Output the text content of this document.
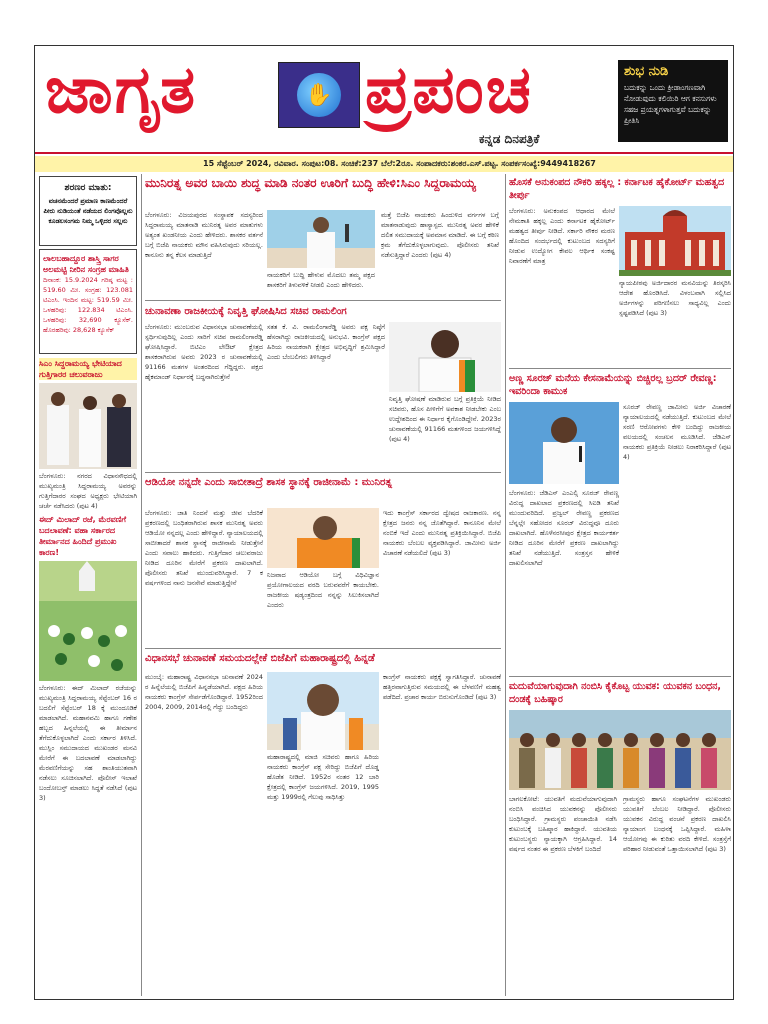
ಜಾಗೃತ	✋ ಪ್ರಪಂಚ
ಕನ್ನಡ ದಿನಪತ್ರಿಕೆ
ಶುಭ ನುಡಿ
ಬದುಕನ್ನು ಒಂದು ಕ್ರೀಡಾಂಗಣವಾಗಿ ನೋಡುವುದು ಕಲಿಯಿರಿ ಆಗ ಕನಸುಗಳು ಸಹಜ ಪ್ರಯತ್ನಗಳಾಗುತ್ತವೆ ಬದುಕನ್ನು ಪ್ರೀತಿಸಿ
15 ಸೆಪ್ಟೆಂಬರ್ 2024, ರವಿವಾರ. ಸಂಪುಟ:08. ಸಂಚಿಕೆ:237 ಬೆಲೆ:2ರೂ. ಸಂಪಾದಕರು:ಶಂಕರ.ಎಸ್.ಪಟ್ಟ. ಸಂಪರ್ಕಸಂಖ್ಯೆ:9449418267
ಶರಣರ ಮಾತು:
ವಚನಮೆಂದರೆ ಪ್ರಮಾಣ ಕಾಣಮೆಂದರೆ ಪೀರು ನುಡಿಯಂತೆ ನಡೆಯದ ಲಿಂಗವೊಲ್ಲನು ಕೂಡಲಸಂಗಮ ನಿಮ್ಮ ಒಳ್ಳಿದರ ಸಲ್ಲನು
ಲಾಲಬಹಾದ್ದೂರ ಶಾಸ್ತ್ರಿ ಸಾಗರ ಅಲಮಟ್ಟಿ ನೀರಿನ ಸಂಗ್ರಹ ಮಾಹಿತಿ
ದಿನಾಂಕ: 15.9.2024 ಗರಿಷ್ಠ ಮಟ್ಟ : 519.60 ಮೀ. ಸಂಗ್ರಹ: 123.081 ಟಿಎಂಸಿ. ಇಂದಿನ ಮಟ್ಟ: 519.59 ಮೀ. ಒಳಹರಿವು: 122.834 ಟಿಎಂಸಿ. ಒಳಹರಿವು: 32,690 ಕ್ಯೂಸೆಕ್. ಹೊರಹರಿವು: 28,628 ಕ್ಯೂಸೆಕ್
ಸಿಎಂ ಸಿದ್ದರಾಮಯ್ಯ ಭೇಟಿಯಾದ ಗುತ್ತಿಗಾರರ ಚಲುವರಾಜು
ಬೆಂಗಳೂರು: ನಗರದ ವಿಧಾನಸೌಧದಲ್ಲಿ ಮುಖ್ಯಮಂತ್ರಿ ಸಿದ್ದರಾಮಯ್ಯ ಅವರನ್ನು ಗುತ್ತಿಗೆದಾರರ ಸಂಘದ ಅಧ್ಯಕ್ಷರು ಭೇಟಿಯಾಗಿ ಚರ್ಚೆ ನಡೆಸಿದರು (ಪುಟ 4)
ಈದ್ ಮಿಲಾದ್ ರಜೆ, ಮೆರವಣಿಗೆ ಬದಲಾವಣೆ: ವಹಾ ಸರ್ಕಾರದ ತೀರ್ಮಾನದ ಹಿಂದಿದೆ ಪ್ರಮುಖ ಕಾರಣ!
ಬೆಂಗಳೂರು: ಈದ್ ಮಿಲಾದ್ ರಜೆಯನ್ನು ಮುಖ್ಯಮಂತ್ರಿ ಸಿದ್ದರಾಮಯ್ಯ ಸೆಪ್ಟೆಂಬರ್ 16 ರ ಬದಲಿಗೆ ಸೆಪ್ಟೆಂಬರ್ 18 ಕ್ಕೆ ಮುಂದೂಡಿಕೆ ಮಾಡಲಾಗಿದೆ. ಮಹಾನವಮಿ ಹಾಗೂ ಗಣೇಶ ಹಬ್ಬದ ಹಿನ್ನಲೆಯಲ್ಲಿ ಈ ತೀರ್ಮಾನ ತೆಗೆದುಕೊಳ್ಳಲಾಗಿದೆ ಎಂದು ಸರ್ಕಾರ ತಿಳಿಸಿದೆ. ಮುಸ್ಲಿಂ ಸಮುದಾಯದ ಮುಖಂಡರ ಮನವಿ ಮೇರೆಗೆ ಈ ಬದಲಾವಣೆ ಮಾಡಲಾಗಿದ್ದು ಮೆರವಣಿಗೆಯನ್ನು ಸಹ ಶಾಂತಿಯುತವಾಗಿ ನಡೆಸಲು ಸೂಚಿಸಲಾಗಿದೆ. ಪೊಲೀಸ್ ಇಲಾಖೆ ಬಂದೋಬಸ್ತ್ ಮಾಡಲು ಸಿದ್ಧತೆ ನಡೆಸಿದೆ (ಪುಟ 3)
ಮುನಿರತ್ನ ಅವರ ಬಾಯಿ ಶುದ್ಧ ಮಾಡಿ ನಂತರ ಊರಿಗೆ ಬುದ್ಧಿ ಹೇಳಿ:ಸಿಎಂ ಸಿದ್ದರಾಮಯ್ಯ
ಬೆಂಗಳೂರು: ವಿಜಯಪುರದ ಸಂಸ್ಥಾಪಕ ಸದಸ್ಯರಿಂದ ಸಿದ್ದರಾಮಯ್ಯ ಮಾತನಾಡಿ ಮುನಿರತ್ನ ಅವರ ಮಾತುಗಳು ಅತ್ಯಂತ ಖಂಡನೀಯ ಎಂದು ಹೇಳಿದರು. ಶಾಸಕರ ವರ್ತನೆ ಬಗ್ಗೆ ಬಿಜೆಪಿ ನಾಯಕರು ಮೌನ ವಹಿಸಿರುವುದು ಸರಿಯಲ್ಲ. ಕಾನೂನು ತನ್ನ ಕೆಲಸ ಮಾಡುತ್ತಿದೆ
ನಾಯಕರಿಗೆ ಬುದ್ಧಿ ಹೇಳುವ ಮೊದಲು ತಮ್ಮ ಪಕ್ಷದ ಶಾಸಕರಿಗೆ ತಿಳುವಳಿಕೆ ನೀಡಲಿ ಎಂದು ಹೇಳಿದರು.
ಮತ್ತೆ ಬಿಜೆಪಿ ನಾಯಕರು ಹಿಂದುಳಿದ ವರ್ಗಗಳ ಬಗ್ಗೆ ಮಾತನಾಡುವುದು ಹಾಸ್ಯಾಸ್ಪದ. ಮುನಿರತ್ನ ಅವರ ಹೇಳಿಕೆ ದಲಿತ ಸಮುದಾಯಕ್ಕೆ ಅವಮಾನ ಮಾಡಿದೆ. ಈ ಬಗ್ಗೆ ಕಠಿಣ ಕ್ರಮ ತೆಗೆದುಕೊಳ್ಳಲಾಗುವುದು. ಪೊಲೀಸರು ತನಿಖೆ ನಡೆಸುತ್ತಿದ್ದಾರೆ ಎಂದರು (ಪುಟ 4)
ಚುನಾವಣಾ ರಾಜಕೀಯಕ್ಕೆ ನಿವೃತ್ತಿ ಘೋಷಿಸಿದ ಸಚಿವ ರಾಮಲಿಂಗ
ಬೆಂಗಳೂರು: ಮುಂಬರುವ ವಿಧಾನಸಭಾ ಚುನಾವಣೆಯಲ್ಲಿ ಸ್ಪರ್ಧಿಸುವುದಿಲ್ಲ ಎಂದು ಸಾರಿಗೆ ಸಚಿವ ರಾಮಲಿಂಗಾರೆಡ್ಡಿ ಘೋಷಿಸಿದ್ದಾರೆ. ಬಿಟಿಎಂ ಲೇಔಟ್ ಕ್ಷೇತ್ರದ ಶಾಸಕರಾಗಿರುವ ಅವರು 2023 ರ ಚುನಾವಣೆಯಲ್ಲಿ 91166 ಮತಗಳ ಅಂತರದಿಂದ ಗೆದ್ದಿದ್ದರು. ಪಕ್ಷದ ಹೈಕಮಾಂಡ್ ನಿರ್ಧಾರಕ್ಕೆ ಬದ್ಧನಾಗಿರುತ್ತೇನೆ
ಸತತ ಕೆ. ವಿ. ರಾಮಲಿಂಗಾರೆಡ್ಡಿ ಅವರು ಪಕ್ಷ ನಿಷ್ಠೆಗೆ ಹೆಸರಾಗಿದ್ದು ರಾಜಕೀಯದಲ್ಲಿ ಅನುಭವಿ. ಕಾಂಗ್ರೆಸ್ ಪಕ್ಷದ ಹಿರಿಯ ನಾಯಕರಾಗಿ ಕ್ಷೇತ್ರದ ಅಭಿವೃದ್ಧಿಗೆ ಶ್ರಮಿಸಿದ್ದಾರೆ ಎಂದು ಬೆಂಬಲಿಗರು ತಿಳಿಸಿದ್ದಾರೆ
ನಿವೃತ್ತಿ ಘೋಷಣೆ ಮಾಡಿರುವ ಬಗ್ಗೆ ಪ್ರತಿಕ್ರಿಯೆ ನೀಡಿದ ಸಚಿವರು, ಹೊಸ ಪೀಳಿಗೆಗೆ ಅವಕಾಶ ನೀಡಬೇಕು ಎಂಬ ಉದ್ದೇಶದಿಂದ ಈ ನಿರ್ಧಾರ ಕೈಗೊಂಡಿದ್ದೇನೆ. 2023ರ ಚುನಾವಣೆಯಲ್ಲಿ 91166 ಮತಗಳಿಂದ ಜಯಗಳಿಸಿದ್ದೆ (ಪುಟ 4)
ಆಡಿಯೋ ನನ್ನದೇ ಎಂದು ಸಾಬೀತಾದ್ರೆ ಶಾಸಕ ಸ್ಥಾನಕ್ಕೆ ರಾಜೀನಾಮೆ : ಮುನಿರತ್ನ
ಬೆಂಗಳೂರು: ಜಾತಿ ನಿಂದನೆ ಮತ್ತು ಜೀವ ಬೆದರಿಕೆ ಪ್ರಕರಣದಲ್ಲಿ ಬಂಧಿತರಾಗಿರುವ ಶಾಸಕ ಮುನಿರತ್ನ ಅವರು ಆಡಿಯೋ ನನ್ನದಲ್ಲ ಎಂದು ಹೇಳಿದ್ದಾರೆ. ನ್ಯಾಯಾಲಯದಲ್ಲಿ ಸಾಬೀತಾದರೆ ಶಾಸಕ ಸ್ಥಾನಕ್ಕೆ ರಾಜೀನಾಮೆ ನೀಡುತ್ತೇನೆ ಎಂದು ಸವಾಲು ಹಾಕಿದರು. ಗುತ್ತಿಗೆದಾರ ಚಲುವರಾಜು ನೀಡಿದ ದೂರಿನ ಮೇರೆಗೆ ಪ್ರಕರಣ ದಾಖಲಾಗಿದೆ. ಪೊಲೀಸರು ತನಿಖೆ ಮುಂದುವರಿಸಿದ್ದಾರೆ. 7 ಕ ವರ್ಷಗಳಿಂದ ನಾನು ಜನಸೇವೆ ಮಾಡುತ್ತಿದ್ದೇನೆ
ನಿಜವಾದ ಆಡಿಯೋ ಬಗ್ಗೆ ವಿಧಿವಿಜ್ಞಾನ ಪ್ರಯೋಗಾಲಯದ ವರದಿ ಬರುವವರೆಗೆ ಕಾಯಬೇಕು. ರಾಜಕೀಯ ಷಡ್ಯಂತ್ರದಿಂದ ನನ್ನನ್ನು ಸಿಲುಕಿಸಲಾಗಿದೆ ಎಂದರು
ಇದು ಕಾಂಗ್ರೆಸ್ ಸರ್ಕಾರದ ದ್ವೇಷದ ರಾಜಕಾರಣ. ನನ್ನ ಕ್ಷೇತ್ರದ ಜನರು ನನ್ನ ಜೊತೆಗಿದ್ದಾರೆ. ಕಾನೂನಿನ ಮೇಲೆ ನಂಬಿಕೆ ಇದೆ ಎಂದು ಮುನಿರತ್ನ ಪ್ರತಿಕ್ರಿಯಿಸಿದ್ದಾರೆ. ಬಿಜೆಪಿ ನಾಯಕರು ಬೆಂಬಲ ವ್ಯಕ್ತಪಡಿಸಿದ್ದಾರೆ. ಜಾಮೀನು ಅರ್ಜಿ ವಿಚಾರಣೆ ನಡೆಯಲಿದೆ (ಪುಟ 3)
ವಿಧಾನಸಭೆ ಚುನಾವಣೆ ಸಮಯದಲ್ಲೇಕೆ ಬಿಜೆಪಿಗೆ ಮಹಾರಾಷ್ಟ್ರದಲ್ಲಿ ಹಿನ್ನಡೆ
ಮುಂಬೈ: ಮಹಾರಾಷ್ಟ್ರ ವಿಧಾನಸಭಾ ಚುನಾವಣೆ 2024 ರ ಹಿನ್ನೆಲೆಯಲ್ಲಿ ಬಿಜೆಪಿಗೆ ಹಿನ್ನಡೆಯಾಗಿದೆ. ಪಕ್ಷದ ಹಿರಿಯ ನಾಯಕರು ಕಾಂಗ್ರೆಸ್ ಸೇರ್ಪಡೆಗೊಂಡಿದ್ದಾರೆ. 1952ರಿಂದ 2004, 2009, 2014ರಲ್ಲಿ ಗೆದ್ದು ಬಂದಿದ್ದರು
ಮಹಾರಾಷ್ಟ್ರದಲ್ಲಿ ಮಾಜಿ ಸಚಿವರು ಹಾಗೂ ಹಿರಿಯ ನಾಯಕರು ಕಾಂಗ್ರೆಸ್ ಪಕ್ಷ ಸೇರಿದ್ದು ಬಿಜೆಪಿಗೆ ದೊಡ್ಡ ಹೊಡೆತ ನೀಡಿದೆ. 1952ರ ನಂತರ 12 ಬಾರಿ ಕ್ಷೇತ್ರದಲ್ಲಿ ಕಾಂಗ್ರೆಸ್ ಜಯಗಳಿಸಿದೆ. 2019, 1995 ಮತ್ತು 1999ರಲ್ಲಿ ಗೆಲುವು ಸಾಧಿಸಿತ್ತು
ಕಾಂಗ್ರೆಸ್ ನಾಯಕರು ಪಕ್ಷಕ್ಕೆ ಸ್ವಾಗತಿಸಿದ್ದಾರೆ. ಚುನಾವಣೆ ಹತ್ತಿರವಾಗುತ್ತಿರುವ ಸಮಯದಲ್ಲಿ ಈ ಬೆಳವಣಿಗೆ ಮಹತ್ವ ಪಡೆದಿದೆ. ಪ್ರಚಾರ ಕಾರ್ಯ ಬಿರುಸುಗೊಂಡಿದೆ (ಪುಟ 3)
ಹೊಸಕೆ ಅನುಕಂಪದ ನೌಕರಿ ಹಕ್ಕಲ್ಲ : ಕರ್ನಾಟಕ ಹೈಕೋರ್ಟ್ ಮಹತ್ವದ ತೀರ್ಪು
ಬೆಂಗಳೂರು: ಅನುಕಂಪದ ಆಧಾರದ ಮೇಲೆ ನೇಮಕಾತಿ ಹಕ್ಕಲ್ಲ ಎಂದು ಕರ್ನಾಟಕ ಹೈಕೋರ್ಟ್ ಮಹತ್ವದ ತೀರ್ಪು ನೀಡಿದೆ. ಸರ್ಕಾರಿ ನೌಕರ ಮರಣ ಹೊಂದಿದ ಸಂದರ್ಭದಲ್ಲಿ ಕುಟುಂಬದ ಸದಸ್ಯರಿಗೆ ನೀಡುವ ಉದ್ಯೋಗ ಕೇವಲ ಆರ್ಥಿಕ ಸಂಕಷ್ಟ ನಿವಾರಣೆಗೆ ಮಾತ್ರ
ನ್ಯಾಯಪೀಠವು ಅರ್ಜಿದಾರರ ಮನವಿಯನ್ನು ತಿರಸ್ಕರಿಸಿ ಆದೇಶ ಹೊರಡಿಸಿದೆ. ವಿಳಂಬವಾಗಿ ಸಲ್ಲಿಸಿದ ಅರ್ಜಿಗಳನ್ನು ಪರಿಗಣಿಸಲು ಸಾಧ್ಯವಿಲ್ಲ ಎಂದು ಸ್ಪಷ್ಟಪಡಿಸಿದೆ (ಪುಟ 3)
ಅಣ್ಣ ಸೂರಜ್ ಮನೆಯ ಕೇಸನಾಮೆಯನ್ನು ಬಿಚ್ಚಿರಲ್ಲ ಬ್ರದರ್ ರೇವಣ್ಣ: ಇವರಿಂದಾ ಕಾಮುಕ
ಬೆಂಗಳೂರು: ಜೆಡಿಎಸ್ ಎಂಎಲ್ಸಿ ಸೂರಜ್ ರೇವಣ್ಣ ವಿರುದ್ಧ ದಾಖಲಾದ ಪ್ರಕರಣದಲ್ಲಿ ಸಿಐಡಿ ತನಿಖೆ ಮುಂದುವರಿದಿದೆ. ಪ್ರಜ್ವಲ್ ರೇವಣ್ಣ ಪ್ರಕರಣದ ಬೆನ್ನಲ್ಲೇ ಸಹೋದರ ಸೂರಜ್ ವಿರುದ್ಧವೂ ದೂರು ದಾಖಲಾಗಿದೆ. ಹೊಳೆನರಸೀಪುರ ಕ್ಷೇತ್ರದ ಕಾರ್ಯಕರ್ತ ನೀಡಿದ ದೂರಿನ ಮೇರೆಗೆ ಪ್ರಕರಣ ದಾಖಲಾಗಿದ್ದು ತನಿಖೆ ನಡೆಯುತ್ತಿದೆ. ಸಂತ್ರಸ್ತನ ಹೇಳಿಕೆ ದಾಖಲಿಸಲಾಗಿದೆ
ಸೂರಜ್ ರೇವಣ್ಣ ಜಾಮೀನು ಅರ್ಜಿ ವಿಚಾರಣೆ ನ್ಯಾಯಾಲಯದಲ್ಲಿ ನಡೆಯುತ್ತಿದೆ. ಕುಟುಂಬದ ಮೇಲೆ ಸರಣಿ ಆರೋಪಗಳು ಕೇಳಿ ಬಂದಿದ್ದು ರಾಜಕೀಯ ವಲಯದಲ್ಲಿ ಸಂಚಲನ ಮೂಡಿಸಿದೆ. ಜೆಡಿಎಸ್ ನಾಯಕರು ಪ್ರತಿಕ್ರಿಯೆ ನೀಡಲು ನಿರಾಕರಿಸಿದ್ದಾರೆ (ಪುಟ 4)
ಮದುವೆಯಾಗುವುದಾಗಿ ನಂಬಿಸಿ ಕೈಕೊಟ್ಟ ಯುವಕ: ಯುವಕನ ಬಂಧನ, ದಂಡಕ್ಕೆ ಬಹಿಷ್ಕಾರ
ಬಾಗಲಕೋಟೆ: ಯುವತಿಗೆ ಮದುವೆಯಾಗುವುದಾಗಿ ನಂಬಿಸಿ ವಂಚಿಸಿದ ಯುವಕನನ್ನು ಪೊಲೀಸರು ಬಂಧಿಸಿದ್ದಾರೆ. ಗ್ರಾಮಸ್ಥರು ಪಂಚಾಯಿತಿ ನಡೆಸಿ ಕುಟುಂಬಕ್ಕೆ ಬಹಿಷ್ಕಾರ ಹಾಕಿದ್ದಾರೆ. ಯುವತಿಯ ಕುಟುಂಬಸ್ಥರು ನ್ಯಾಯಕ್ಕಾಗಿ ಆಗ್ರಹಿಸಿದ್ದಾರೆ. 14 ವರ್ಷದ ನಂತರ ಈ ಪ್ರಕರಣ ಬೆಳಕಿಗೆ ಬಂದಿದೆ
ಗ್ರಾಮಸ್ಥರು ಹಾಗೂ ಸಂಘಟನೆಗಳ ಮುಖಂಡರು ಯುವತಿಗೆ ಬೆಂಬಲ ನೀಡಿದ್ದಾರೆ. ಪೊಲೀಸರು ಯುವಕನ ವಿರುದ್ಧ ವಂಚನೆ ಪ್ರಕರಣ ದಾಖಲಿಸಿ ನ್ಯಾಯಾಂಗ ಬಂಧನಕ್ಕೆ ಒಪ್ಪಿಸಿದ್ದಾರೆ. ಮಹಿಳಾ ಆಯೋಗವು ಈ ಕುರಿತು ವರದಿ ಕೇಳಿದೆ. ಸಂತ್ರಸ್ತೆಗೆ ಪರಿಹಾರ ನೀಡುವಂತೆ ಒತ್ತಾಯಿಸಲಾಗಿದೆ (ಪುಟ 3)
